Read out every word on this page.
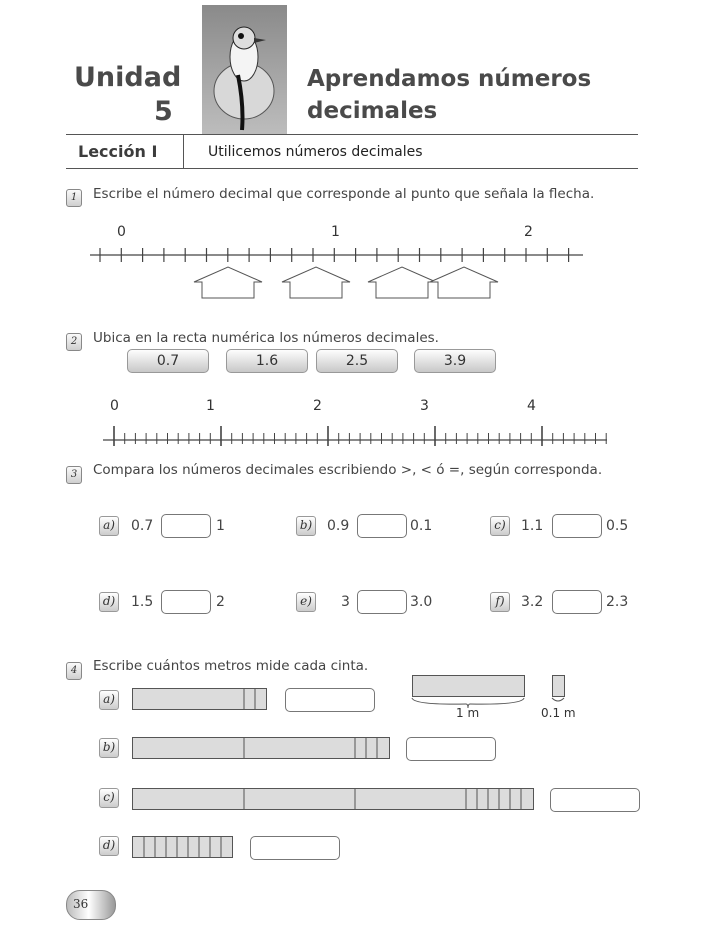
Unidad
5
Aprendamos números
decimales
Lección I	Utilicemos números decimales
1	Escribe el número decimal que corresponde al punto que señala la flecha.
0	1	2
2	Ubica en la recta numérica los números decimales.
0.7	1.6	2.5	3.9
0	1	2	3	4
3	Compara los números decimales escribiendo >, < ó =, según corresponda.
a) 0.7	1	b) 0.9	0.1	c)	1.1	0.5
d) 1.5	2	e) 3	3.0	f)	3.2	2.3
4	Escribe cuántos metros mide cada cinta.
a)
1 m	0.1 m
b)
c)
d)
36
